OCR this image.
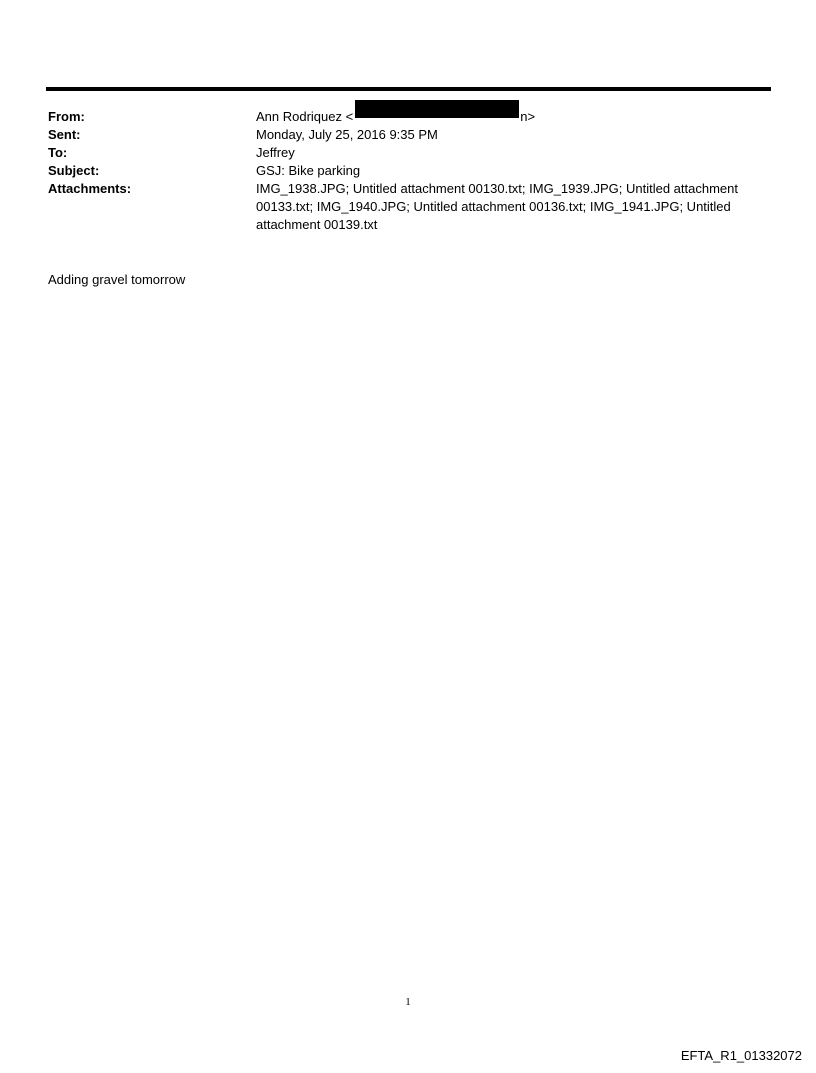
From:	Ann Rodriquez <	n>
Sent:	Monday, July 25, 2016 9:35 PM
To:	Jeffrey
Subject:	GSJ: Bike parking
Attachments:	IMG_1938.JPG; Untitled attachment 00130.txt; IMG_1939.JPG; Untitled attachment 00133.txt; IMG_1940.JPG; Untitled attachment 00136.txt; IMG_1941.JPG; Untitled attachment 00139.txt
Adding gravel tomorrow
1
EFTA_R1_01332072
